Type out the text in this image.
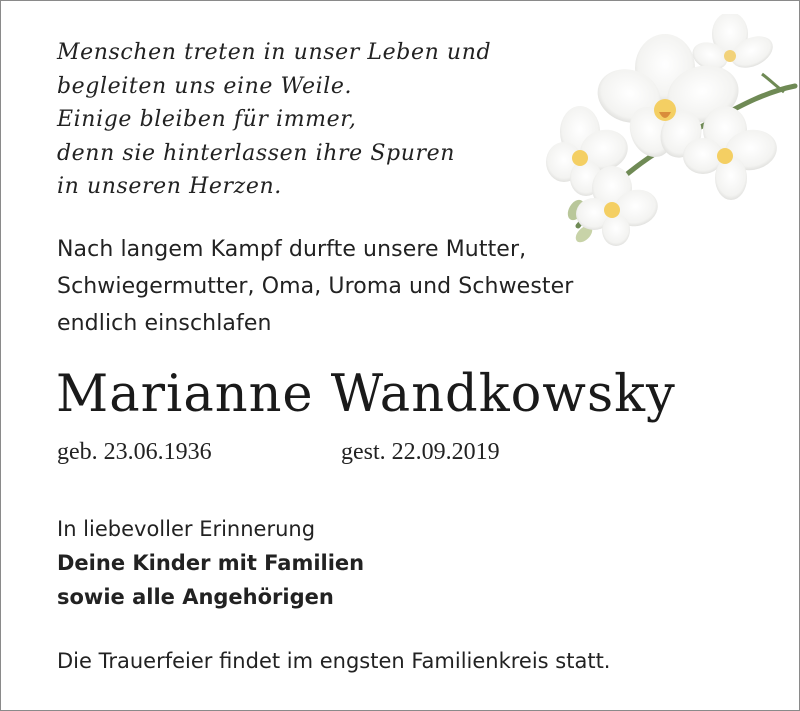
Menschen treten in unser Leben und
begleiten uns eine Weile.
Einige bleiben für immer,
denn sie hinterlassen ihre Spuren
in unseren Herzen.
Nach langem Kampf durfte unsere Mutter,
Schwiegermutter, Oma, Uroma und Schwester
endlich einschlafen
Marianne Wandkowsky
geb. 23.06.1936	gest. 22.09.2019
In liebevoller Erinnerung
Deine Kinder mit Familien
sowie alle Angehörigen
Die Trauerfeier findet im engsten Familienkreis statt.
